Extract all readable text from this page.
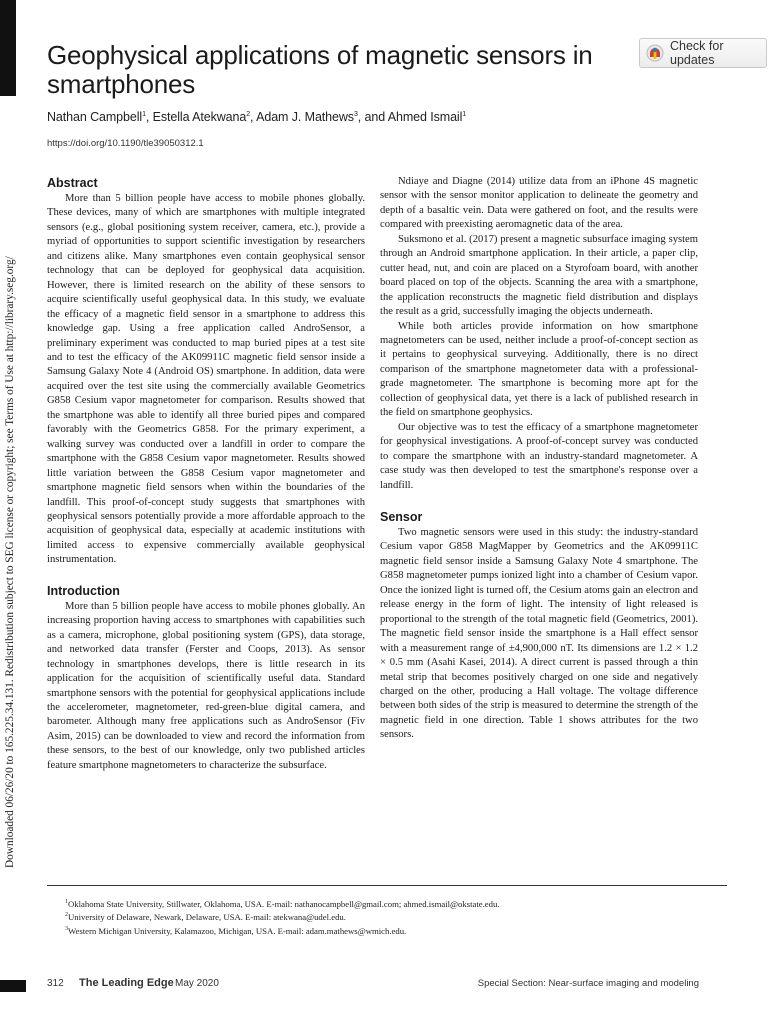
Downloaded 06/26/20 to 165.225.34.131. Redistribution subject to SEG license or copyright; see Terms of Use at http://library.seg.org/
Geophysical applications of magnetic sensors in smartphones
Check for updates
Nathan Campbell$^1$, Estella Atekwana$^2$, Adam J. Mathews$^3$, and Ahmed Ismail$^1$
https://doi.org/10.1190/tle39050312.1
Abstract

More than 5 billion people have access to mobile phones globally. These devices, many of which are smartphones with multiple integrated sensors (e.g., global positioning system receiver, camera, etc.), provide a myriad of opportunities to support scientific investigation by researchers and citizens alike. Many smartphones even contain geophysical sensor technology that can be deployed for geophysical data acquisition. However, there is limited research on the ability of these sensors to acquire scientifically useful geophysical data. In this study, we evaluate the efficacy of a magnetic field sensor in a smartphone to address this knowledge gap. Using a free application called AndroSensor, a preliminary experiment was conducted to map buried pipes at a test site and to test the efficacy of the AK09911C magnetic field sensor inside a Samsung Galaxy Note 4 (Android OS) smartphone. In addition, data were acquired over the test site using the commercially available Geometrics G858 Cesium vapor magnetometer for comparison. Results showed that the smartphone was able to identify all three buried pipes and compared favorably with the Geometrics G858. For the primary experiment, a walking survey was conducted over a landfill in order to compare the smartphone with the G858 Cesium vapor magnetometer. Results showed little variation between the G858 Cesium vapor magnetometer and smartphone magnetic field sensors when within the boundaries of the landfill. This proof-of-concept study suggests that smartphones with geophysical sensors potentially provide a more affordable approach to the acquisition of geophysical data, especially at academic institutions with limited access to expensive commercially available geophysical instrumentation.

Introduction

More than 5 billion people have access to mobile phones globally. An increasing proportion having access to smartphones with capabilities such as a camera, microphone, global positioning system (GPS), data storage, and networked data transfer (Ferster and Coops, 2013). As sensor technology in smartphones develops, there is little research in its application for the acquisition of scientifically useful data. Standard smartphone sensors with the potential for geophysical applications include the accelerometer, magnetometer, red-green-blue digital camera, and barometer. Although many free applications such as AndroSensor (Fiv Asim, 2015) can be downloaded to view and record the information from these sensors, to the best of our knowledge, only two published articles feature smartphone magnetometers to characterize the subsurface.

Ndiaye and Diagne (2014) utilize data from an iPhone 4S magnetic sensor with the sensor monitor application to delineate the geometry and depth of a basaltic vein. Data were gathered on foot, and the results were compared with preexisting aeromagnetic data of the area.

Suksmono et al. (2017) present a magnetic subsurface imaging system through an Android smartphone application. In their article, a paper clip, cutter head, nut, and coin are placed on a Styrofoam board, with another board placed on top of the objects. Scanning the area with a smartphone, the application reconstructs the magnetic field distribution and displays the result as a grid, successfully imaging the objects underneath.

While both articles provide information on how smartphone magnetometers can be used, neither include a proof-of-concept section as it pertains to geophysical surveying. Additionally, there is no direct comparison of the smartphone magnetometer data with a professional-grade magnetometer. The smartphone is becoming more apt for the collection of geophysical data, yet there is a lack of published research in the field on smartphone geophysics.

Our objective was to test the efficacy of a smartphone magnetometer for geophysical investigations. A proof-of-concept survey was conducted to compare the smartphone with an industry-standard magnetometer. A case study was then developed to test the smartphone's response over a landfill.

Sensor

Two magnetic sensors were used in this study: the industry-standard Cesium vapor G858 MagMapper by Geometrics and the AK09911C magnetic field sensor inside a Samsung Galaxy Note 4 smartphone. The G858 magnetometer pumps ionized light into a chamber of Cesium vapor. Once the ionized light is turned off, the Cesium atoms gain an electron and release energy in the form of light. The intensity of light released is proportional to the strength of the total magnetic field (Geometrics, 2001). The magnetic field sensor inside the smartphone is a Hall effect sensor with a measurement range of ±4,900,000 nT. Its dimensions are 1.2 × 1.2 × 0.5 mm (Asahi Kasei, 2014). A direct current is passed through a thin metal strip that becomes positively charged on one side and negatively charged on the other, producing a Hall voltage. The voltage difference between both sides of the strip is measured to determine the strength of the magnetic field in one direction. Table 1 shows attributes for the two sensors.

$^1$Oklahoma State University, Stillwater, Oklahoma, USA. E-mail: nathanocampbell@gmail.com; ahmed.ismail@okstate.edu.
$^2$University of Delaware, Newark, Delaware, USA. E-mail: atekwana@udel.edu.
$^3$Western Michigan University, Kalamazoo, Michigan, USA. E-mail: adam.mathews@wmich.edu.
312 The Leading Edge May 2020	Special Section: Near-surface imaging and modeling
